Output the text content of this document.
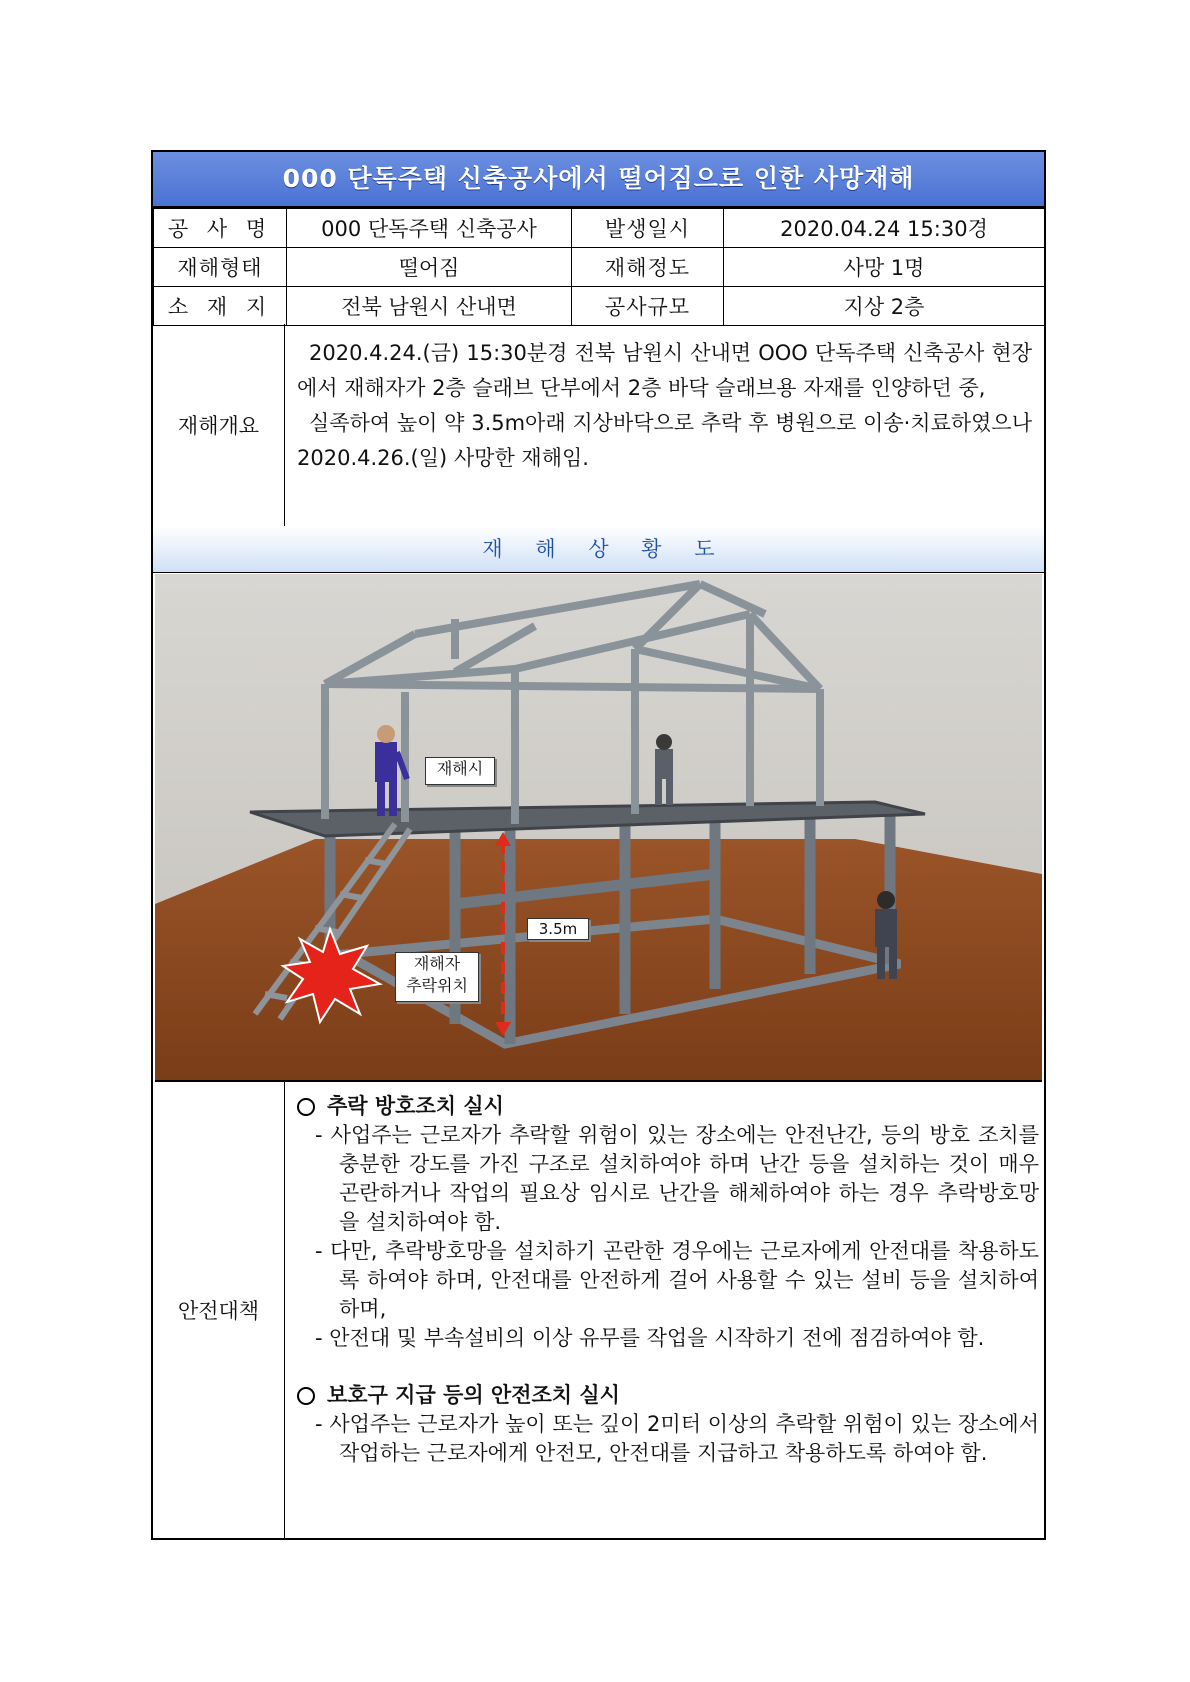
000 단독주택 신축공사에서 떨어짐으로 인한 사망재해
공 사 명	000 단독주택 신축공사	발생일시	2020.04.24 15:30경
재해형태	떨어짐	재해정도	사망 1명
소 재 지	전북 남원시 산내면	공사규모	지상 2층
재해개요

2020.4.24.(금) 15:30분경 전북 남원시 산내면 OOO 단독주택 신축공사 현장에서 재해자가 2층 슬래브 단부에서 2층 바닥 슬래브용 자재를 인양하던 중,

실족하여 높이 약 3.5m아래 지상바닥으로 추락 후 병원으로 이송·치료하였으나 2020.4.26.(일) 사망한 재해임.

재 해 상 황 도
재해시
3.5m
재해자
추락위치
안전대책

추락 방호조치 실시

- 사업주는 근로자가 추락할 위험이 있는 장소에는 안전난간, 등의 방호 조치를 충분한 강도를 가진 구조로 설치하여야 하며 난간 등을 설치하는 것이 매우 곤란하거나 작업의 필요상 임시로 난간을 해체하여야 하는 경우 추락방호망을 설치하여야 함.

- 다만, 추락방호망을 설치하기 곤란한 경우에는 근로자에게 안전대를 착용하도록 하여야 하며, 안전대를 안전하게 걸어 사용할 수 있는 설비 등을 설치하여 하며,

- 안전대 및 부속설비의 이상 유무를 작업을 시작하기 전에 점검하여야 함.

보호구 지급 등의 안전조치 실시

- 사업주는 근로자가 높이 또는 깊이 2미터 이상의 추락할 위험이 있는 장소에서 작업하는 근로자에게 안전모, 안전대를 지급하고 착용하도록 하여야 함.
